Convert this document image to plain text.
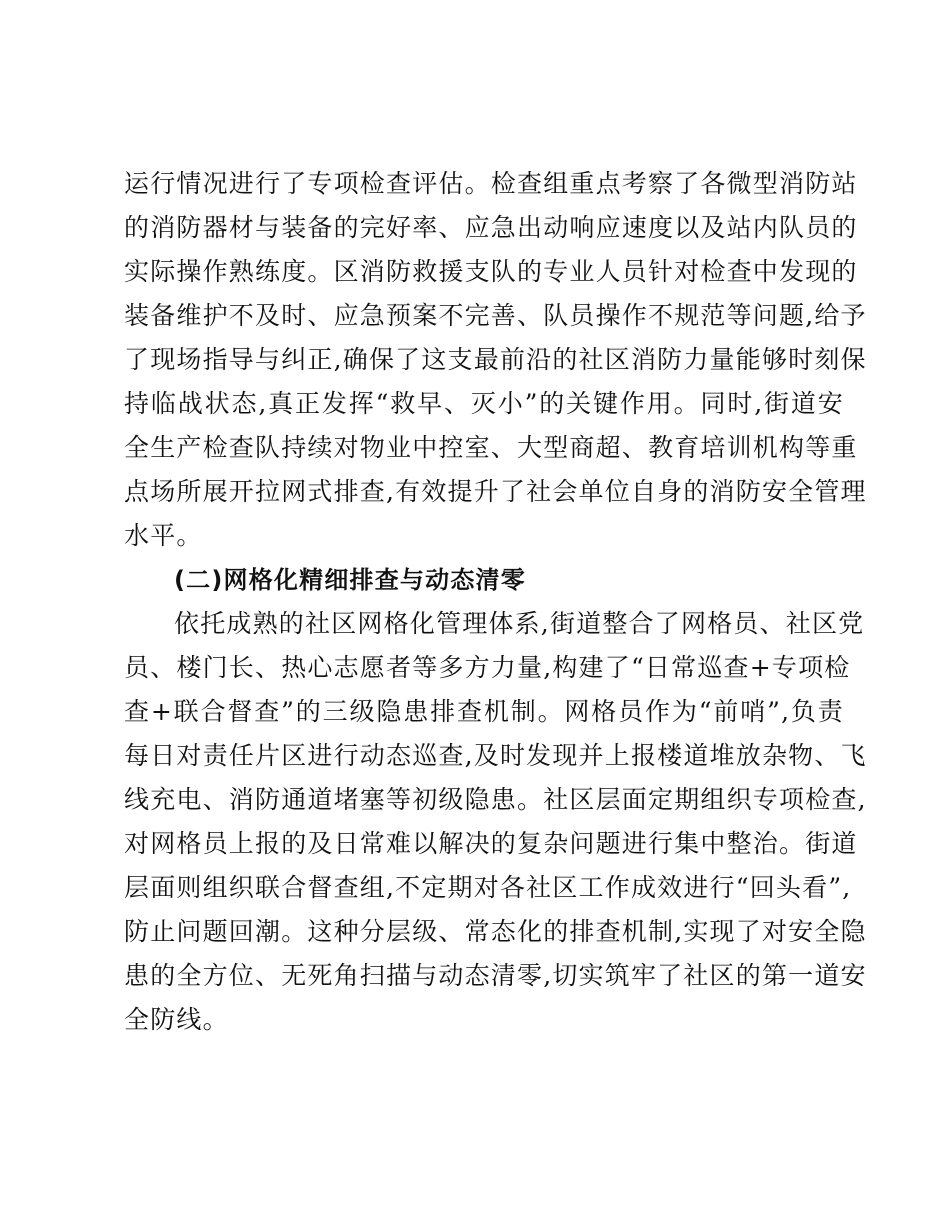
运行情况进行了专项检查评估。检查组重点考察了各微型消防站
的消防器材与装备的完好率、应急出动响应速度以及站内队员的
实际操作熟练度。区消防救援支队的专业人员针对检查中发现的
装备维护不及时、应急预案不完善、队员操作不规范等问题,给予
了现场指导与纠正,确保了这支最前沿的社区消防力量能够时刻保
持临战状态,真正发挥“救早、灭小”的关键作用。同时,街道安
全生产检查队持续对物业中控室、大型商超、教育培训机构等重
点场所展开拉网式排查,有效提升了社会单位自身的消防安全管理
水平。
(二)网格化精细排查与动态清零
依托成熟的社区网格化管理体系,街道整合了网格员、社区党
员、楼门长、热心志愿者等多方力量,构建了“日常巡查+专项检
查+联合督查”的三级隐患排查机制。网格员作为“前哨”,负责
每日对责任片区进行动态巡查,及时发现并上报楼道堆放杂物、飞
线充电、消防通道堵塞等初级隐患。社区层面定期组织专项检查,
对网格员上报的及日常难以解决的复杂问题进行集中整治。街道
层面则组织联合督查组,不定期对各社区工作成效进行“回头看”,
防止问题回潮。这种分层级、常态化的排查机制,实现了对安全隐
患的全方位、无死角扫描与动态清零,切实筑牢了社区的第一道安
全防线。
